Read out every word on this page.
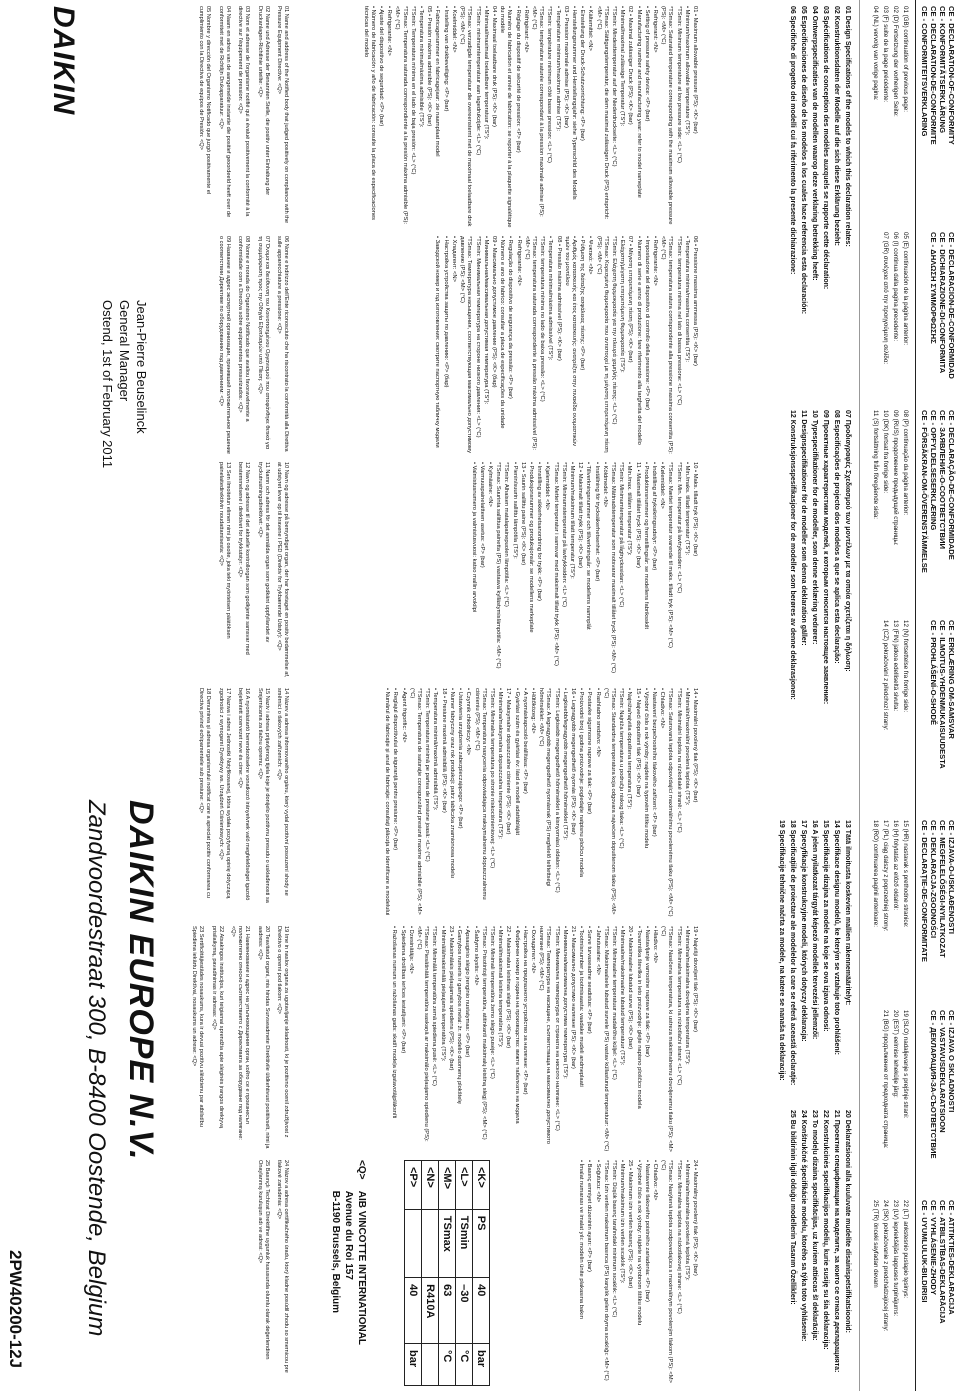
CE - DECLARATION-OF-CONFORMITY
CE - KONFORMITÄTSERKLÄRUNG
CE - DECLARATION-DE-CONFORMITE
CE - CONFORMITEITSVERKLARING
CE - DECLARACION-DE-CONFORMIDAD
CE - DICHIARAZIONE-DI-CONFORMITA
CE - ΔΗΛΩΣΗ ΣΥΜΜΟΡΦΩΣΗΣ
CE - DECLARAÇÃO-DE-CONFORMIDADE
CE - ЗАЯВЛЕНИЕ-О-СООТВЕТСТВИИ
CE - OPFYLDELSESERKLÆRING
CE - FÖRSÄKRAN-OM-ÖVERENSTÄMMELSE
CE - ERKLÆRING OM-SAMSVAR
CE - ILMOITUS-YHDENMUKAISUUDESTA
CE - PROHLÁŠENÍ-O-SHODĚ
CE - IZJAVA-O-USKLAĐENOSTI
CE - MEGFELELŐSÉGI-NYILATKOZAT
CE - DEKLARACJA-ZGODNOŚCI
CE - DECLARAŢIE-DE-CONFORMITATE
CE - IZJAVA O SKLADNOSTI
CE - VASTAVUSDEKLARATSIOON
CE - ДЕКЛАРАЦИЯ-ЗА-СЪОТВЕТСТВИЕ
CE - ATITIKTIES-DEKLARACIJA
CE - ATBILSTĪBAS-DEKLARĀCIJA
CE - VYHLÁSENIE-ZHODY
CE - UYUMLULUK-BILDIRISI
01 (GB) continuation of previous page:
02 (D) Fortsetzung der vorherigen Seite:
03 (F) suite de la page précédente:
04 (NL) vervolg van vorige pagina:
05 (E) continuación de la página anterior:
06 (I) continua dalla pagina precedente:
07 (GR) συνέχεια από την προηγούμενη σελίδα:
08 (P) continuação da página anterior:
09 (RUS) продолжение предыдущей страницы:
10 (DK) fortsat fra forrige side:
11 (S) fortsättning från föregående sida:
12 (N) fortsettelse fra forrige side:
13 (FIN) jatkoa edelliseltä sivulta:
14 (CZ) pokračování z předchozí strany:
15 (HR) nastavak s prethodne stranice:
16 (H) folytatás az előző oldalról:
17 (PL) ciąg dalszy z poprzedniej strony:
18 (RO) continuarea paginii anterioare:
19 (SLO) nadaljevanje s prejšnje strani:
20 (EST) eelmise lehekülje jārg:
21 (BG) продължение от предходната страница:
22 (LT) ankstesnio puslapio tęsinys:
23 (LV) iepriekšējās lappuses turpinājums:
24 (SK) pokračovanie z predchádzajúcej strany:
25 (TR) önceki sayfadan devam
01 Design Specifications of the models to which this declaration relates:
02 Konstruktionsdaten der Modelle auf die sich diese Erklärung bezieht:
03 Spécifications de conception des modèles auxquels se rapporte cette déclaration:
04 Ontwerpspecificaties van de modellen waarop deze verklaring betrekking heeft:
05 Especificaciones de diseño de los modelos a los cuales hace referencia esta declaración:
06 Specifiche di progetto dei modelli cui fa riferimento la presente dichiarazione:
07 Προδιαγραφές Σχεδιασμού των μοντέλων με τα οποία σχετίζεται η δήλωση:
08 Especificações de projecto dos modelos a que se aplica esta declaração:
09 Проектные характеристики моделей, к которым относится настоящее заявление:
10 Typespecifikationer for de modeller, som denne erklæring vedrører:
11 Designspecifikationer för de modeller som denna deklaration gäller:
12 Konstruksjonsspesifikasjoner for de modeller som berøres av denne deklarasjonen:
13 Tätä ilmoitusta koskevien mallien rakennemääritelyt:
14 Specifikace designu modelů, ke kterým se vztahuje toto prohlášení:
15 Specifikacije dizajna za modele na koje se ova izjava odnosi:
16 A jelen nyilatkozat tárgyát képező modellek tervezési jellemzői:
17 Specyfikacje konstrukcyjne modeli, których dotyczy deklaracja:
18 Specificaţiile de proiectare ale modelelor la care se referă această declaraţie:
19 Specifikacije tehnične načrta za modele, na katere se nanaša ta deklaracija:
20 Deklaratsiooni alla kuuluvate mudelite disainispetsifikatsioonid:
21 Проектни спецификации на моделите, за които се отнася декларацията:
22 Konstrukcinės specifikacijos modelių, kurie susiję su šia deklaracija:
23 To modeļu dizaina specifikācijas, uz kuriem attiecas šī deklarācija:
24 Konštrukčné špecifikácie modelu, ktorého sa týka toto vyhlásenie:
25 Bu bildirinin ilgili olduğu modellerin Tasarım Özellikleri:

01 • Maximum allowable pressure (PS): <K> (bar)

• Minimum/maximum allowable temperature (TS*):

*TSmin: Minimum temperature at low pressure side: <L> (°C)

*TSmax: Saturated temperature corresponding with the maximum allowable pressure (PS): <M> (°C)

• Refrigerant: <N>

• Setting of pressure safety device: <P> (bar)

• Manufacturing number and manufacturing year: refer to model nameplate

02 • Maximal zulässiger Druck (PS): <K> (bar)

• Minimal/maximal zulässige Temperatur (TS*):

*TSmin: Mindesttemperatur auf der Niederdruckseite: <L> (°C)

*TSmax: Sättigungstemperatur, die dem maximal zulässigen Druck (PS) entspricht: <M> (°C)

• Kältemittel: <N>

• Einstellung der Druck-Schutzvorrichtung: <P> (bar)

• Herstellungsnummer und Herstellungsjahr: siehe Typenschild des Modells

03 • Pression maximale admise (PS): <K> (bar)

• Température minimum/maximum admise (TS*):

*TSmin: température minimum côté basse pression: <L> (°C)

*TSmax: température saturée correspondant à la pression maximale admise (PS): <M> (°C)

• Réfrigérant: <N>

• Réglage du dispositif de sécurité de pression: <P> (bar)

• Numéro de fabrication et année de fabrication: se reporter à la plaquette signalétique du modèle

04 • Maximaal toelaatbare druk (PS): <K> (bar)

• Minimaal/maximaal toelaatbare temperatuur (TS*):

*TSmin: minimumtemperatuur aan lagedrukzijde: <L> (°C)

*TSmax: verzadigde temperatuur die overeenstemt met de maximaal toelaatbare druk (PS): <M> (°C)

• Koelmiddel: <N>

• Instelling van drukbeveiliging: <P> (bar)

• Fabricagenummer en fabricagejaar: zie naamplaat model

05 • Presión máxima admisible (PS): <K> (bar)

• Temperatura mínima/máxima admisible (TS*):

*TSmin: Temperatura mínima en el lado de baja presión: <L> (°C)

*TSmax: Temperatura saturada correspondiente a la presión máxima admisible (PS): <M> (°C)

• Refrigerante: <N>

• Ajuste del dispositivo de seguridad: <P> (bar)

• Número de fabricación y año de fabricación: consulte la placa de especificaciones técnicas del modelo

06 • Pressione massima ammessa (PS): <K> (bar)

• Temperatura minima/massima consentita (TS*):

*TSmin: temperatura minima nel lato di bassa pressione: <L> (°C)

*TSmax: temperatura satura corrispondente alla pressione massima consentita (PS): <M> (°C)

• Refrigerante: <N>

• Impostazione del dispositivo di controllo della pressione: <P> (bar)

• Numero di serie e anno di produzione: fare riferimento alla targhetta del modello

07 • Μέγιστη επιτρεπόμενη πίεση (PS): <K> (bar)

• Ελάχιστη/μέγιστη επιτρεπόμενη θερμοκρασία (TS*):

*TSmin: Ελάχιστη θερμοκρασία για την πλευρά χαμηλής πίεσης: <L> (°C)

*TSmax: Κορεσμένη θερμοκρασία που αντιστοιχεί με τη μέγιστη επιτρεπόμενη πίεση (PS): <M> (°C)

• Ψυκτικό: <N>

• Ρύθμιση της διάταξης ασφάλειας πίεσης: <P> (bar)

• Αριθμός κατασκευής και έτος κατασκευής: ανατρέξτε στην πινακίδα ονομαστικών τιμών του μοντέλου

08 • Pressão máxima admissível (PS): <K> (bar)

• Temperatura mínima/máxima admissível (TS*):

*TSmin: temperatura mínima no lado de baixa pressão: <L> (°C)

*TSmax: temperatura saturada correspondente à pressão máxima admissível (PS): <M> (°C)

• Refrigerante: <N>

• Regulação do dispositivo de segurança da pressão: <P> (bar)

• Número e ano de fabrico: consultar a placa de especificações da unidade

09 • Максимально допустимое давление (PS): <K> (бар)

• Минимальная/максимальная допустимая температура (TS*):

*TSmin: Минимальная температура на стороне низкого давления: <L> (°C)

*TSmax: Температура насыщения, соответствующая максимально допустимому давлению (PS): <M> (°C)

• Хладагент: <N>

• Настройка устройства защиты по давлению: <P> (бар)

• Заводской номер и год изготовления: смотрите паспортную табличку модели

10 • Maks. tilladt tryk (PS): <K> (bar)

• Min./maks. tilladt temperatur (TS*):

*TSmin: Min. temperatur på lavtrykssiden: <L> (°C)

*TSmax: Mættet temperatur svarende til maks. tilladt tryk (PS): <M> (°C)

• Kølemiddel: <N>

• Indstilling af tryksikringsudstyr: <P> (bar)

• Produktionsnummer og fremstillingsår: se modellens fabriksskilt

11 • Maximalt tillåtet tryck (PS): <K> (bar)

• Min./max. tillåten temperatur (TS*):

*TSmin: Minimumtemperatur på lågtryckssidan: <L> (°C)

*TSmax: Mättnadstemperatur som motsvarar maximalt tillåtet tryck (PS): <M> (°C)

• Köldmedel: <N>

• Inställning för trycksäkerhetsenhet: <P> (bar)

• Tillverkningsnummer och tillverkningsår: se modellens namnplåt

12 • Maksimalt tillatt trykk (PS): <K> (bar)

• Minimum/maksimum tillatt temperatur (TS*):

*TSmin: Minimumstemperatur på lavtrykksiden: <L> (°C)

*TSmax: Mettet temperatur i samsvar med maksimalt tillatt trykk (PS): <M> (°C)

• Kjølemiddel: <N>

• Innstilling av sikkerhetsanordning for trykk: <P> (bar)

• Produksjonsnummer og produksjonsår: se modellens merkeplate

13 • Suurin sallittu paine (PS): <K> (bar)

• Pienin/suurin sallittu lämpötila (TS*):

*TSmin: Alhaisen matalapainepuolen lämpötila: <L> (°C)

*TSmax: Suurinta sallittua painetta (PS) vastaava kyllästymislämpötila: <M> (°C)

• Kylmäaine: <N>

• Varmuuspainelaitteen asetus: <P> (bar)

• Valmistusnumero ja valmistusvuosi: katso mallin arvokilpi

14 • Maximální povolený tlak (PS): <K> (bar)

• Minimální/maximální povolená teplota (TS*):

*TSmin: Minimální teplota na nízkotlaké straně: <L> (°C)

*TSmax: Saturovaná teplota odpovídající maximálnímu povolenému tlaku (PS): <M> (°C)

• Chladivo: <N>

• Nastavení bezpečnostního tlakového zařízení: <P> (bar)

• Výrobní číslo a rok výroby: najdete na typovém štítku modelu

15 • Najveći dopušteni tlak (PS): <K> (bar)

• Najniža/najviša dopuštena temperatura (TS*):

*TSmin: Najniža temperatura u području niskog tlaka: <L> (°C)

*TSmax: Standardna temperatura koja odgovara najvećem dopuštenom tlaku (PS): <M> (°C)

• Rashladno sredstvo: <N>

• Postavke sigurnosne naprave za tlak: <P> (bar)

• Proizvodni broj i godina proizvodnje: pogledajte natpisnu pločicu modela

16 • Legnagyobb megengedhető nyomás (PS): <K> (bar)

• Legkisebb/legnagyobb megengedhető hőmérséklet (TS*):

*TSmin: Legkisebb megengedhető hőmérséklet a kisnyomású oldalon: <L> (°C)

*TSmax: A legnagyobb megengedhető nyomásnak (PS) megfelelő telítettségi hőmérséklet: <M> (°C)

• Hűtőközeg: <N>

• A nyomáskapcsoló beállítása: <P> (bar)

• Gyártási szám és gyártási év: lásd a modell adattábláját

17 • Maksymalne dopuszczalne ciśnienie (PS): <K> (bar)

• Minimalna/maksymalna dopuszczalna temperatura (TS*):

*TSmin: Minimalna temperatura po stronie niskociśnieniowej: <L> (°C)

*TSmax: Temperatura nasycenia odpowiadająca maksymalnemu dopuszczalnemu ciśnieniu (PS): <M> (°C)

• Czynnik chłodniczy: <N>

• Ustawienia urządzenia zabezpieczającego: <P> (bar)

• Numer fabryczny oraz rok produkcji: patrz tabliczka znamionowa modelu

18 • Presiune maximă admisibilă (PS): <K> (bar)

• Temperatura minimă/maximă admisibilă (TS*):

*TSmin: Temperatura minimă pe partea de presiune joasă: <L> (°C)

*TSmax: Temperatura de saturaţie corespunzând presiunii maxime admisibile (PS): <M> (°C)

• Agent frigorific: <N>

• Reglajul dispozitivului de siguranţă pentru presiune: <P> (bar)

• Numărul de fabricaţie şi anul de fabricaţie: consultaţi plăcuţa de identificare a modelului

19 • Najvišji dovoljeni tlak (PS): <K> (bar)

• Minimalna/maksimalna dovoljena temperatura (TS*):

*TSmin: Minimalna temperatura na nizkotlačni strani: <L> (°C)

*TSmax: Nasičena temperatura, ki ustreza maksimalnemu dovoljenemu tlaku (PS): <M> (°C)

• Hladivo: <N>

• Nastavljanje varnostne naprave za tlak: <P> (bar)

• Tovarniška številka in leto proizvodnje: glejte napisno ploščico modela

20 • Maksimaalne lubatud surve (PS): <K> (bar)

• Minimaalne/maksimaalne lubatud temperatuur (TS*):

*TSmin: Minimaalne temperatuur madalrõhu küljel: <L> (°C)

*TSmax: Maksimaalsele lubatud survele (PS) vastav küllastunud temperatuur: <M> (°C)

• Jahutusaine: <N>

• Surve turvaseadme seadistus: <P> (bar)

• Tootmisnumber ja tootmisaasta: vaadake mudeli andmeplaati

21 • Максимално допустимо налягане (PS): <K> (bar)

• Минимална/максимална допустима температура (TS*):

*TSmin: Минимална температура от страната на ниското налягане: <L> (°C)

*TSmax: Температура на насищане, съответстваща на максимално допустимото налягане (PS): <M> (°C)

• Охладител: <N>

• Настройка на предпазното устройство за налягане: <P> (bar)

• Фабричен номер и година на производство: вижте табелката на модела

22 • Maksimalus leistinas slėgis (PS): <K> (bar)

• Minimali/maksimali leistina temperatūra (TS*):

*TSmin: Minimali temperatūra žemo slėgio pusėje: <L> (°C)

*TSmax: Prisotintoji temperatūra, atitinkanti maksimalų leistiną slėgį (PS): <M> (°C)

• Šaldymo skystis: <N>

• Apsauginio slėgio įrenginio nustatymas: <P> (bar)

• Gamybos numeris ir gamybos metai: žr. modelio duomenų plokštelę

23 • Maksimālais pieļaujamais spiediens (PS): <K> (bar)

• Minimālā/maksimālā pieļaujamā temperatūra (TS*):

*TSmin: Minimālā temperatūra zemā spiediena pusē: <L> (°C)

*TSmax: Piesātinātā temperatūra saskaņā ar maksimālo pieļaujamo spiedienu (PS): <M> (°C)

• Dzesinātājs: <N>

• Spiediena drošības ierīces iestatījumi: <P> (bar)

• Ražošanas numurs un ražošanas gads: skatīt modeļa izgatavotājplāksnīti

24 • Maximálny povolený tlak (PS): <K> (bar)

• Minimálna/maximálna povolená teplota (TS*):

*TSmin: Minimálna teplota na nízkotlakovej strane: <L> (°C)

*TSmax: Nasýtená teplota zodpovedajúca s maximálnym povoleným tlakom (PS): <M> (°C)

• Chladivo: <N>

• Nastavenie tlakového poistného zariadenia: <P> (bar)

• Výrobné číslo a rok výroby: nájdete na výrobnom štítku modelu

25 • Maksimum izin verilen basınç (PS): <K> (bar)

• Minimum/maksimum izin verilen sıcaklık (TS*):

*TSmin: Düşük basınç tarafındaki minimum sıcaklık: <L> (°C)

*TSmax: İzin verilen maksimum basınca (PS) karşılık gelen doyma sıcaklığı: <M> (°C)

• Soğutucu: <N>

• Basınç emniyet düzeninin ayarı: <P> (bar)

• İmalat numarası ve imalat yılı: modelin ünite plakasına bakın

<K>	PS	40	bar
<L>	TSmin	–30	°C
<M>	TSmax	63	°C
<N>		R410A	
<P>		40	bar
<Q>
AIB VINCOTTE INTERNATIONAL
Avenue du Roi 157
B-1190 Brussels, Belgium

01 Name and address of the Notified body that judged positively on compliance with the Pressure Equipment Directive: <Q>

02 Name und Adresse der Benannten Stelle, die positiv unter Einhaltung der Druckanlagen-Richtlinie urteilte: <Q>

03 Nom et adresse de l'organisme notifié qui a évalué positivement la conformité à la directive sur l'équipement de pression: <Q>

04 Naam en adres van de aangemelde instantie die positief geoordeeld heeft over de conformiteit met de Richtlijn Drukapparatuur: <Q>

05 Nombre y dirección del Organismo Notificado que juzgó positivamente el cumplimiento con la Directiva de equipos de Presión: <Q>

06 Nome e indirizzo dell'Ente riconosciuto che ha riscontrato la conformità alla Direttiva sulle apparecchiature a pressione: <Q>

07 Όνομα και διεύθυνση του Κοινοποιημένου Οργανισμού που αποφάνθηκε θετικά για τη συμμόρφωση προς την Οδηγία Εξοπλισμών υπό Πίεση: <Q>

08 Nome e morada do Organismo Notificado que avaliou favoravelmente a conformidade com a Directiva sobre equipamentos pressurizados: <Q>

09 Название и адрес экспертной организации, принявшей положительное решение о соответствии Директиве по оборудованию под давлением: <Q>

10 Navn og adresse på bemyndiget organ, der har foretaget en positiv bedømmelse af, at udstyret lever op til kravene i PED (Direktiv for Trykbærende Udstyr): <Q>

11 Namn och adress för det anmälda organ som godkänt uppfyllandet av tryckutrustningsdirektivet: <Q>

12 Navn og adresse til det aktuelle kontrollorgan som godkjente samsvar med bestemmelsene i direktivet for trykkutstyr: <Q>

13 Sen ilmoitetun elimen nimi ja osoite, joka teki myönteisen päätöksen painelaitedirektiivin noudattamisesta: <Q>

14 Název a adresa informovaného orgánu, který vydal pozitivní posouzení shody se směrnicí o tlakových zařízeních: <Q>

15 Naziv i adresa prijavljenog tijela koje je donijelo pozitivnu presudu o usklađenosti sa Smjernicama za tlačnu opremu: <Q>

16 A nyomástartó berendezésekre vonatkozó irányelvnek való megfelelőséget igazoló bejelentett szervezet neve és címe: <Q>

17 Nazwa i adres Jednostki Notyfikowanej, która wydała pozytywną opinię dotyczącą zgodności z wymogami Dyrektywy ws. Urządzeń Ciśnieniowych: <Q>

18 Denumirea şi adresa organismului notificat care a apreciat pozitiv conformarea cu Directiva privind echipamentele sub presiune: <Q>

19 Ime in naslov organa za ugotavljanje skladnosti, ki je pozitivno ocenil združljivost z Direktivo o opremi pod tlakom: <Q>

20 Teavitatud organi, mis hindas Survseadmete Direktiivile üldkehtivust positiivselt, nimi ja aadress: <Q>

21 Наименование и адрес на упълномощения орган, който се е произнесъл положително относно съответствието с Директивата за оборудване под налягане: <Q>

22 Atsakingos institucijos, kuri teigiamai sprendžia apie slėginės įrangos direktyvą prisilaikymą, pavadinimas ir adresas: <Q>

23 Sertificētājiestādes nosaukums, kura ir devusi pozitīvu slēdzienu par atbilstību Spiediena iekārtu Direktīvai, nosaukums un adrese: <Q>

24 Názov a adresa certifikačného úradu, ktorý kladne posúdil zhodu so smernicou pre tlakové zariadenia: <Q>

25 Basınçlı Techizat Direktifine uygunluk hususunda olumlu olarak değerlendiren Onaylanmış kuruluşun adı ve adresi: <Q>

Jean-Pierre Beuselinck
General Manager
Ostend, 1st of February 2011
DAIKIN EUROPE N.V.
Zandvoordestraat 300, B-8400 Oostende, Belgium
DAIKIN
2PW40200-12J
